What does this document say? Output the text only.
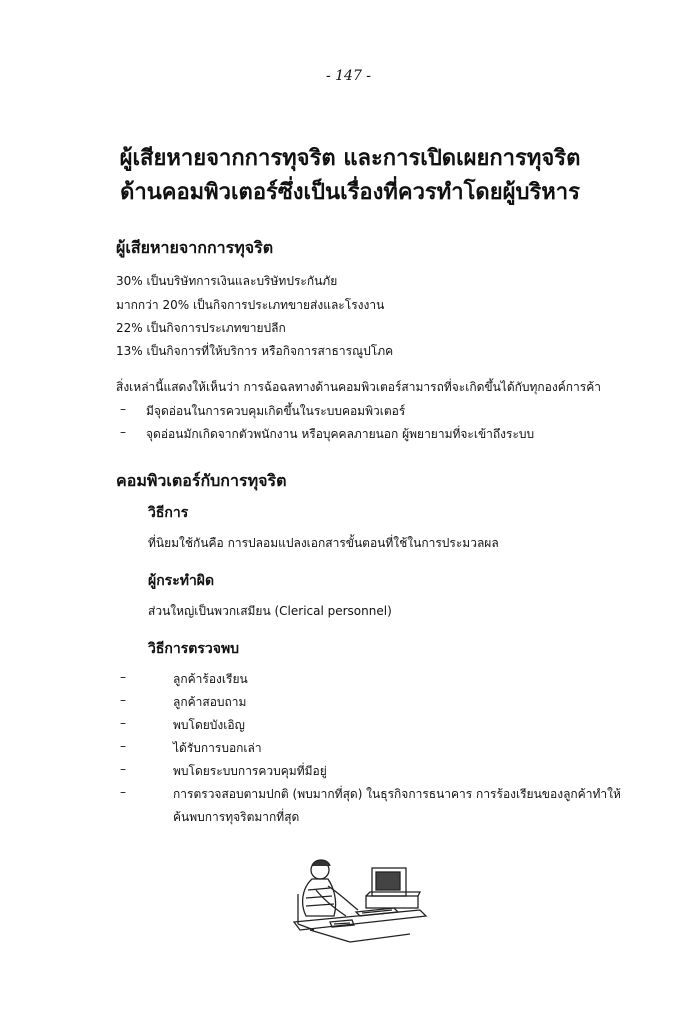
- 147 -
ผู้เสียหายจากการทุจริต และการเปิดเผยการทุจริต
ด้านคอมพิวเตอร์ซึ่งเป็นเรื่องที่ควรทำโดยผู้บริหาร
ผู้เสียหายจากการทุจริต
30% เป็นบริษัทการเงินและบริษัทประกันภัย
มากกว่า 20% เป็นกิจการประเภทขายส่งและโรงงาน
22% เป็นกิจการประเภทขายปลีก
13% เป็นกิจการที่ให้บริการ หรือกิจการสาธารณูปโภค
สิ่งเหล่านี้แสดงให้เห็นว่า การฉ้อฉลทางด้านคอมพิวเตอร์สามารถที่จะเกิดขึ้นได้กับทุกองค์การค้า
– มีจุดอ่อนในการควบคุมเกิดขึ้นในระบบคอมพิวเตอร์
– จุดอ่อนมักเกิดจากตัวพนักงาน หรือบุคคลภายนอก ผู้พยายามที่จะเข้าถึงระบบ
คอมพิวเตอร์กับการทุจริต
วิธีการ
ที่นิยมใช้กันคือ การปลอมแปลงเอกสารขั้นตอนที่ใช้ในการประมวลผล
ผู้กระทำผิด
ส่วนใหญ่เป็นพวกเสมียน (Clerical personnel)
วิธีการตรวจพบ
–	ลูกค้าร้องเรียน
–	ลูกค้าสอบถาม
–	พบโดยบังเอิญ
–	ได้รับการบอกเล่า
–	พบโดยระบบการควบคุมที่มีอยู่
–	การตรวจสอบตามปกติ (พบมากที่สุด) ในธุรกิจการธนาคาร การร้องเรียนของลูกค้าทำให้
ค้นพบการทุจริตมากที่สุด
